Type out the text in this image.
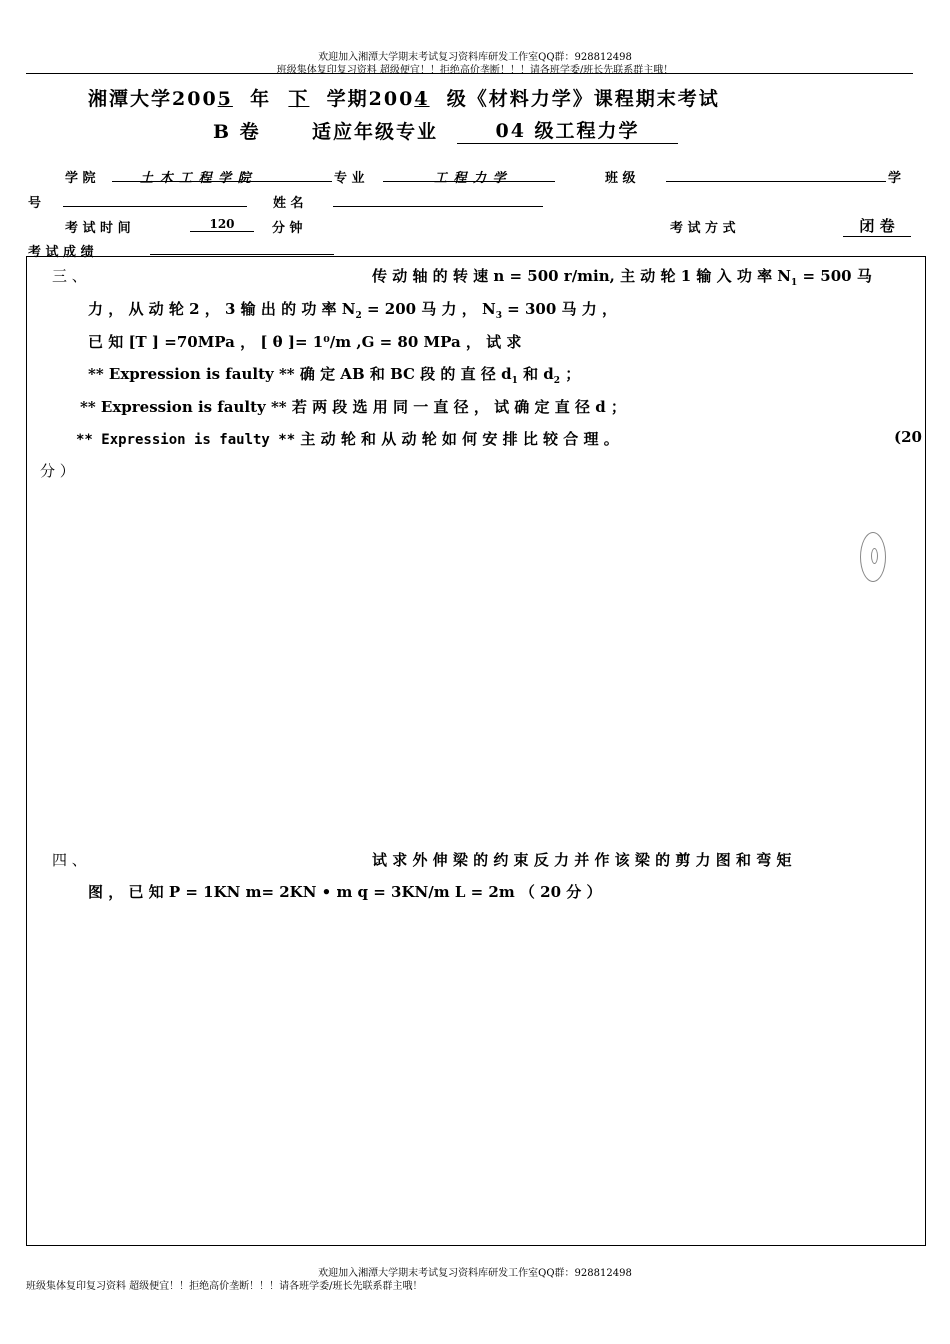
欢迎加入湘潭大学期末考试复习资料库研发工作室QQ群：928812498
班级集体复印复习资料 超级便宜！！拒绝高价垄断！！！请各班学委/班长先联系群主哦！
湘潭大学2005 年 下 学期2004 级《材料力学》课程期末考试
B 卷	适应年级专业	04 级工程力学
学 院	土 木 工 程 学 院	专 业	工 程 力 学	班 级	学
号	姓 名
考 试 时 间	120	分 钟	考 试 方 式	闭 卷
考 试 成 绩
三 、	传 动 轴 的 转 速 n = 500 r/min, 主 动 轮 1 输 入 功 率 $N_1 = 500$ 马
力 ， 从 动 轮 2 ， 3 输 出 的 功 率 $N_2 = 200$ 马 力 ， $N_3 = 300$ 马 力 ，
已 知 [T ] =70MPa ， [ θ ]= 1⁰/m ,G = 80 MPa ， 试 求
** Expression is faulty ** 确 定 AB 和 BC 段 的 直 径 $d_1$ 和 $d_2$ ；
** Expression is faulty ** 若 两 段 选 用 同 一 直 径 ， 试 确 定 直 径 d ；
** Expression is faulty ** 主 动 轮 和 从 动 轮 如 何 安 排 比 较 合 理 。	(20
分 ）
四 、	试 求 外 伸 梁 的 约 束 反 力 并 作 该 梁 的 剪 力 图 和 弯 矩
图 ， 已 知 P = 1KN m= 2KN • m q = 3KN/m L = 2m （ 20 分 ）
欢迎加入湘潭大学期末考试复习资料库研发工作室QQ群：928812498
班级集体复印复习资料 超级便宜！！拒绝高价垄断！！！请各班学委/班长先联系群主哦！
